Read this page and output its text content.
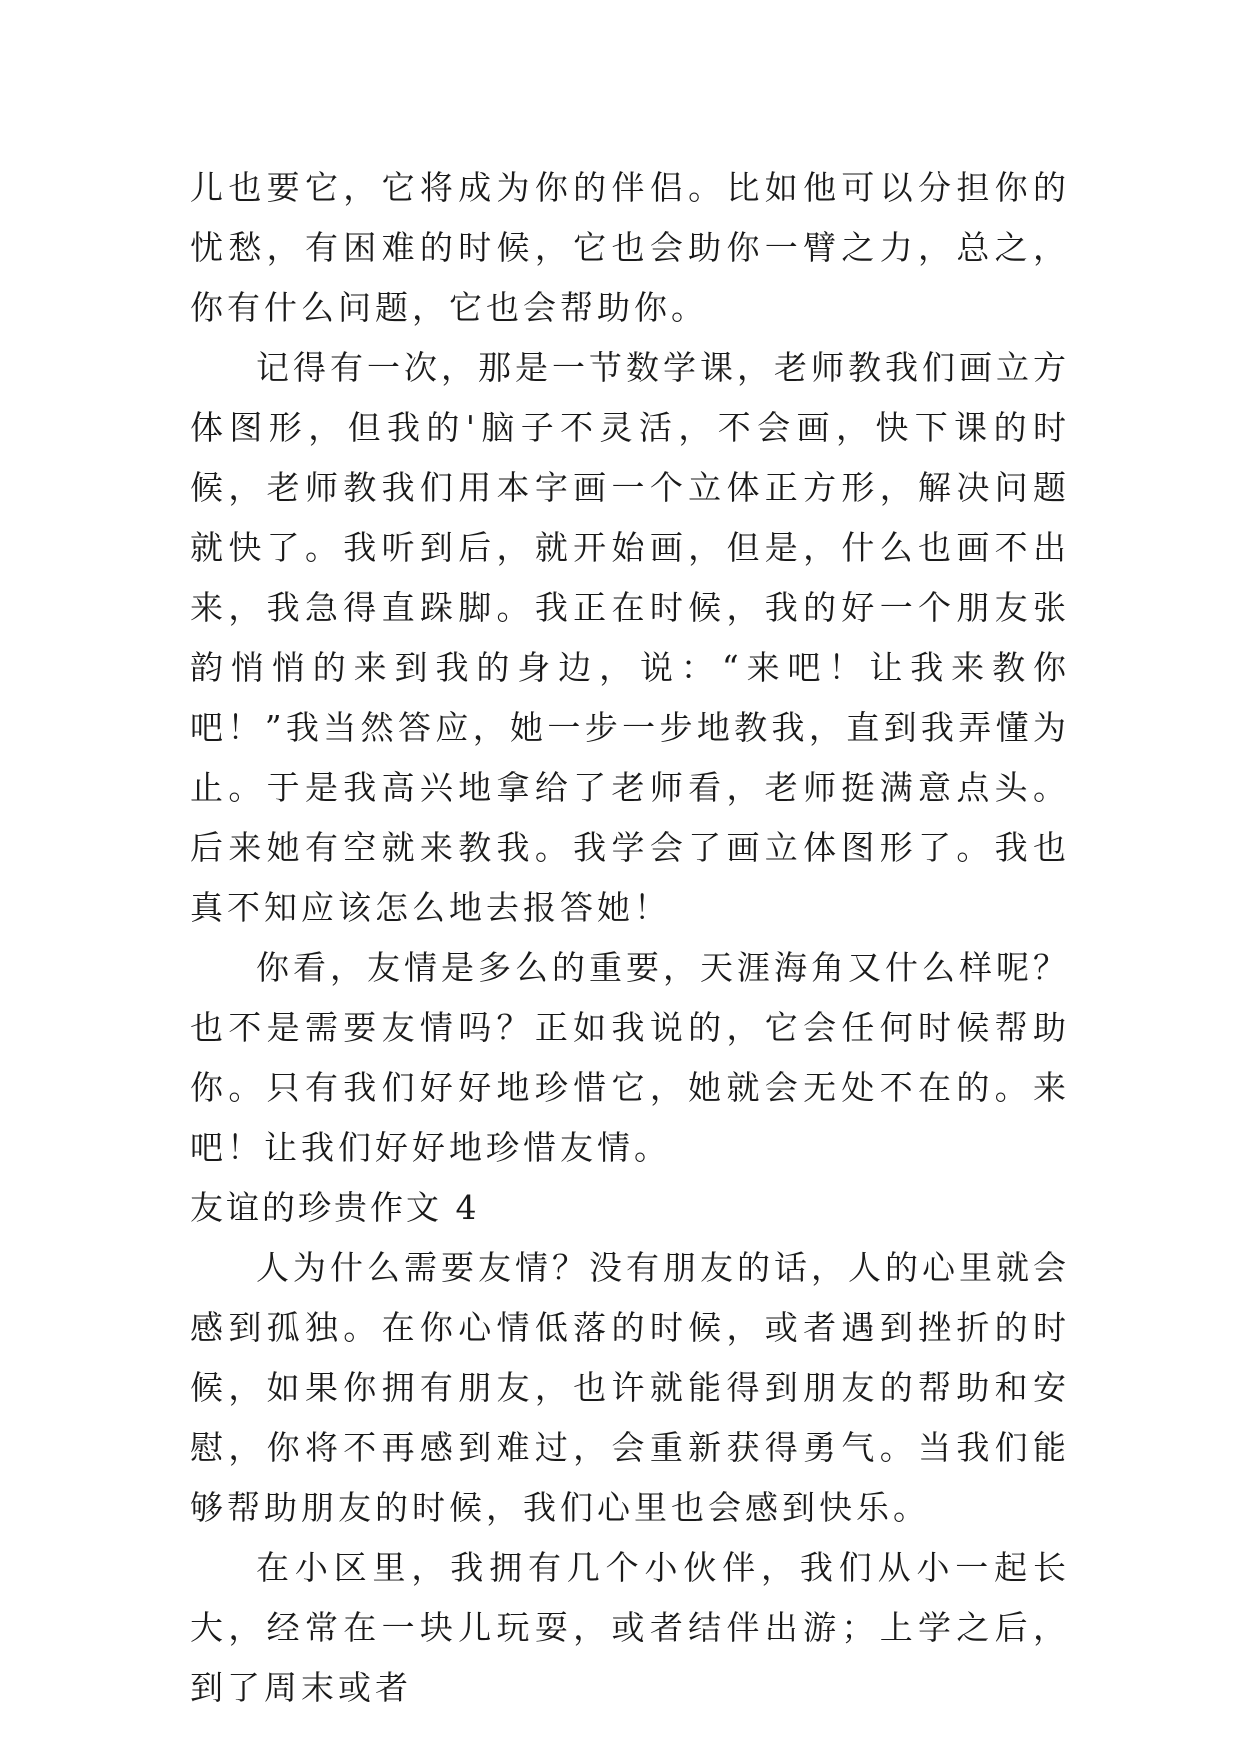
儿也要它，它将成为你的伴侣。比如他可以分担你的忧愁，有困难的时候，它也会助你一臂之力，总之，你有什么问题，它也会帮助你。

记得有一次，那是一节数学课，老师教我们画立方体图形，但我的'脑子不灵活，不会画，快下课的时候，老师教我们用本字画一个立体正方形，解决问题就快了。我听到后，就开始画，但是，什么也画不出来，我急得直跺脚。我正在时候，我的好一个朋友张韵悄悄的来到我的身边，说：“来吧！让我来教你吧！”我当然答应，她一步一步地教我，直到我弄懂为止。于是我高兴地拿给了老师看，老师挺满意点头。后来她有空就来教我。我学会了画立体图形了。我也真不知应该怎么地去报答她！

你看，友情是多么的重要，天涯海角又什么样呢？也不是需要友情吗？正如我说的，它会任何时候帮助你。只有我们好好地珍惜它，她就会无处不在的。来吧！让我们好好地珍惜友情。

友谊的珍贵作文 4

人为什么需要友情？没有朋友的话，人的心里就会感到孤独。在你心情低落的时候，或者遇到挫折的时候，如果你拥有朋友，也许就能得到朋友的帮助和安慰，你将不再感到难过，会重新获得勇气。当我们能够帮助朋友的时候，我们心里也会感到快乐。

在小区里，我拥有几个小伙伴，我们从小一起长大，经常在一块儿玩耍，或者结伴出游；上学之后，到了周末或者
